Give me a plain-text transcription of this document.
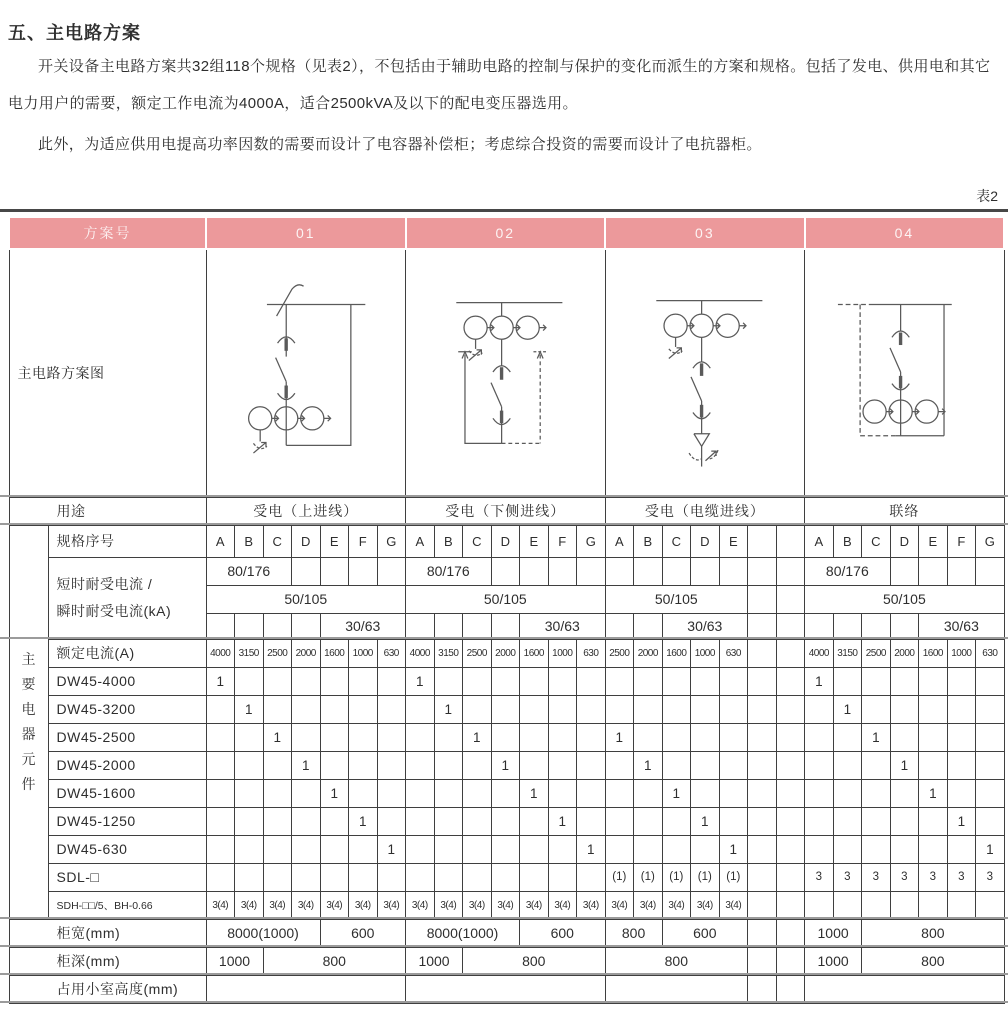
五、主电路方案

开关设备主电路方案共32组118个规格（见表2），不包括由于辅助电路的控制与保护的变化而派生的方案和规格。包括了发电、供用电和其它电力用户的需要，额定工作电流为4000A，适合2500kVA及以下的配电变压器选用。

此外，为适应供用电提高功率因数的需要而设计了电容器补偿柜；考虑综合投资的需要而设计了电抗器柜。

表2
方案号		01							02							03							04						
主电路方案图	

用途		受电（上进线）							受电（下侧进线）							受电（电缆进线）							联络						

主
要
电
器
元
件
	规格序号	A	B	C	D	E	F	G	A	B	C	D	E	F	G	A	B	C	D	E			A	B	C	D	E	F	G

	短时耐受电流 /
瞬时耐受电流(kA)	80/176							80/176														80/176						
		50/105							50/105							50/105							50/105						
						30/63							30/63					30/63									30/63		
	额定电流(A)	4000	3150	2500	2000	1600	1000	630	4000	3150	2500	2000	1600	1000	630	2500	2000	1600	1000	630			4000	3150	2500	2000	1600	1000	630
	DW45-4000	1							1														1						
	DW45-3200		1							1														1					
	DW45-2500			1							1					1									1				
	DW45-2000				1							1					1									1			
	DW45-1600					1							1					1									1		
	DW45-1250						1							1					1									1	
	DW45-630							1							1					1									1
	SDL-□															(1)	(1)	(1)	(1)	(1)			3	3	3	3	3	3	3
	SDH-□□/5、BH-0.66	3(4)	3(4)	3(4)	3(4)	3(4)	3(4)	3(4)	3(4)	3(4)	3(4)	3(4)	3(4)	3(4)	3(4)	3(4)	3(4)	3(4)	3(4)	3(4)									
柜宽(mm)		8000(1000)				600			8000(1000)				600			800		600					1000		800				
柜深(mm)		1000		800					1000		800					800							1000		800				
占用小室高度(mm)																													
